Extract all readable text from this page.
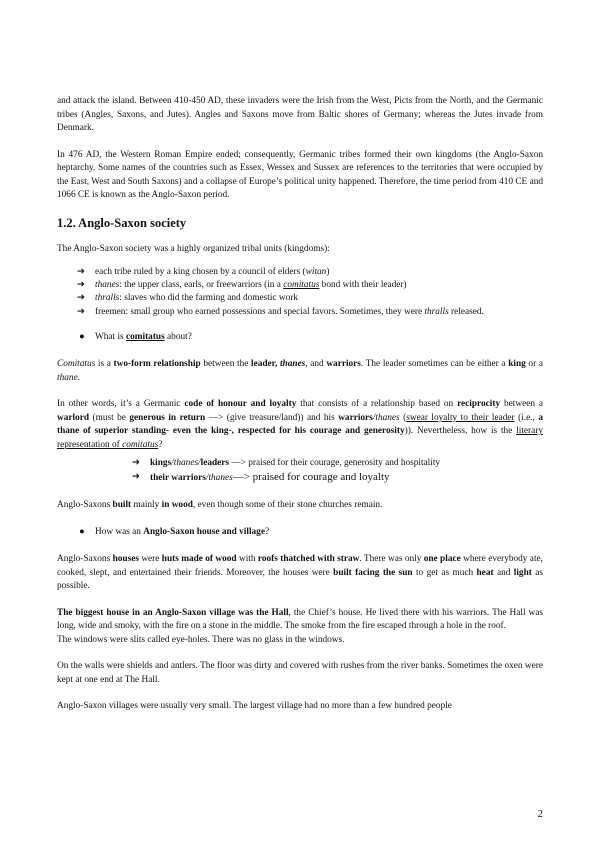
and attack the island. Between 410-450 AD, these invaders were the Irish from the West, Picts from the North, and the Germanic tribes (Angles, Saxons, and Jutes). Angles and Saxons move from Baltic shores of Germany; whereas the Jutes invade from Denmark.

In 476 AD, the Western Roman Empire ended; consequently, Germanic tribes formed their own kingdoms (the Anglo-Saxon heptarchy. Some names of the countries such as Essex, Wessex and Sussex are references to the territories that were occupied by the East, West and South Saxons) and a collapse of Europe’s political unity happened. Therefore, the time period from 410 CE and 1066 CE is known as the Anglo-Saxon period.

1.2. Anglo-Saxon society

The Anglo-Saxon society was a highly organized tribal units (kingdoms):

➔ each tribe ruled by a king chosen by a council of elders (witan)
➔ thanes: the upper class, earls, or freewarriors (in a comitatus bond with their leader)
➔ thralls: slaves who did the farming and domestic work
➔ freemen: small group who earned possessions and special favors. Sometimes, they were thralls released.
● What is comitatus about?

Comitatus is a two-form relationship between the leader, thanes, and warriors. The leader sometimes can be either a king or a thane.

In other words, it’s a Germanic code of honour and loyalty that consists of a relationship based on reciprocity between a warlord (must be generous in return —> (give treasure/land)) and his warriors/thanes (swear loyalty to their leader (i.e., a thane of superior standing- even the king-, respected for his courage and generosity)). Nevertheless, how is the literary representation of comitatus?

➔ kings/thanes/leaders —> praised for their courage, generosity and hospitality
➔ their warriors/thanes—> praised for courage and loyalty

Anglo-Saxons built mainly in wood, even though some of their stone churches remain.

● How was an Anglo-Saxon house and village?

Anglo-Saxons houses were huts made of wood with roofs thatched with straw. There was only one place where everybody ate, cooked, slept, and entertained their friends. Moreover, the houses were built facing the sun to get as much heat and light as possible.

The biggest house in an Anglo-Saxon village was the Hall, the Chief’s house. He lived there with his warriors. The Hall was long, wide and smoky, with the fire on a stone in the middle. The smoke from the fire escaped through a hole in the roof.

The windows were slits called eye-holes. There was no glass in the windows.

On the walls were shields and antlers. The floor was dirty and covered with rushes from the river banks. Sometimes the oxen were kept at one end at The Hall.

Anglo-Saxon villages were usually very small. The largest village had no more than a few hundred people

2
